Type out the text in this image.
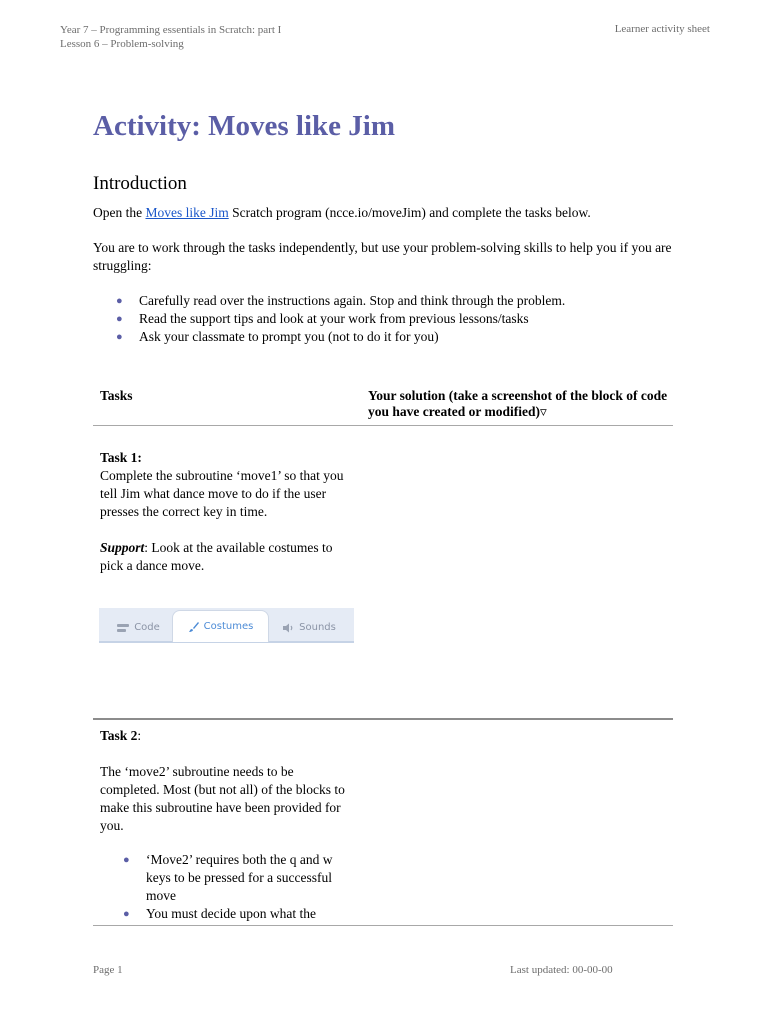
Year 7 – Programming essentials in Scratch: part I
Lesson 6 – Problem-solving
Learner activity sheet
Activity: Moves like Jim
Introduction
Open the Moves like Jim Scratch program (ncce.io/moveJim) and complete the tasks below.
You are to work through the tasks independently, but use your problem-solving skills to help you if you are struggling:
● Carefully read over the instructions again. Stop and think through the problem.
● Read the support tips and look at your work from previous lessons/tasks
● Ask your classmate to prompt you (not to do it for you)
Tasks	Your solution (take a screenshot of the block of code you have created or modified)▿

Task 1:

Complete the subroutine ‘move1’ so that you tell Jim what dance move to do if the user presses the correct key in time.

Support: Look at the available costumes to pick a dance move.

Code	Costumes	Sounds

Task 2:

The ‘move2’ subroutine needs to be completed. Most (but not all) of the blocks to make this subroutine have been provided for you.

● ‘Move2’ requires both the q and w keys to be pressed for a successful move
● You must decide upon what the
Page 1	Last updated: 00-00-00
